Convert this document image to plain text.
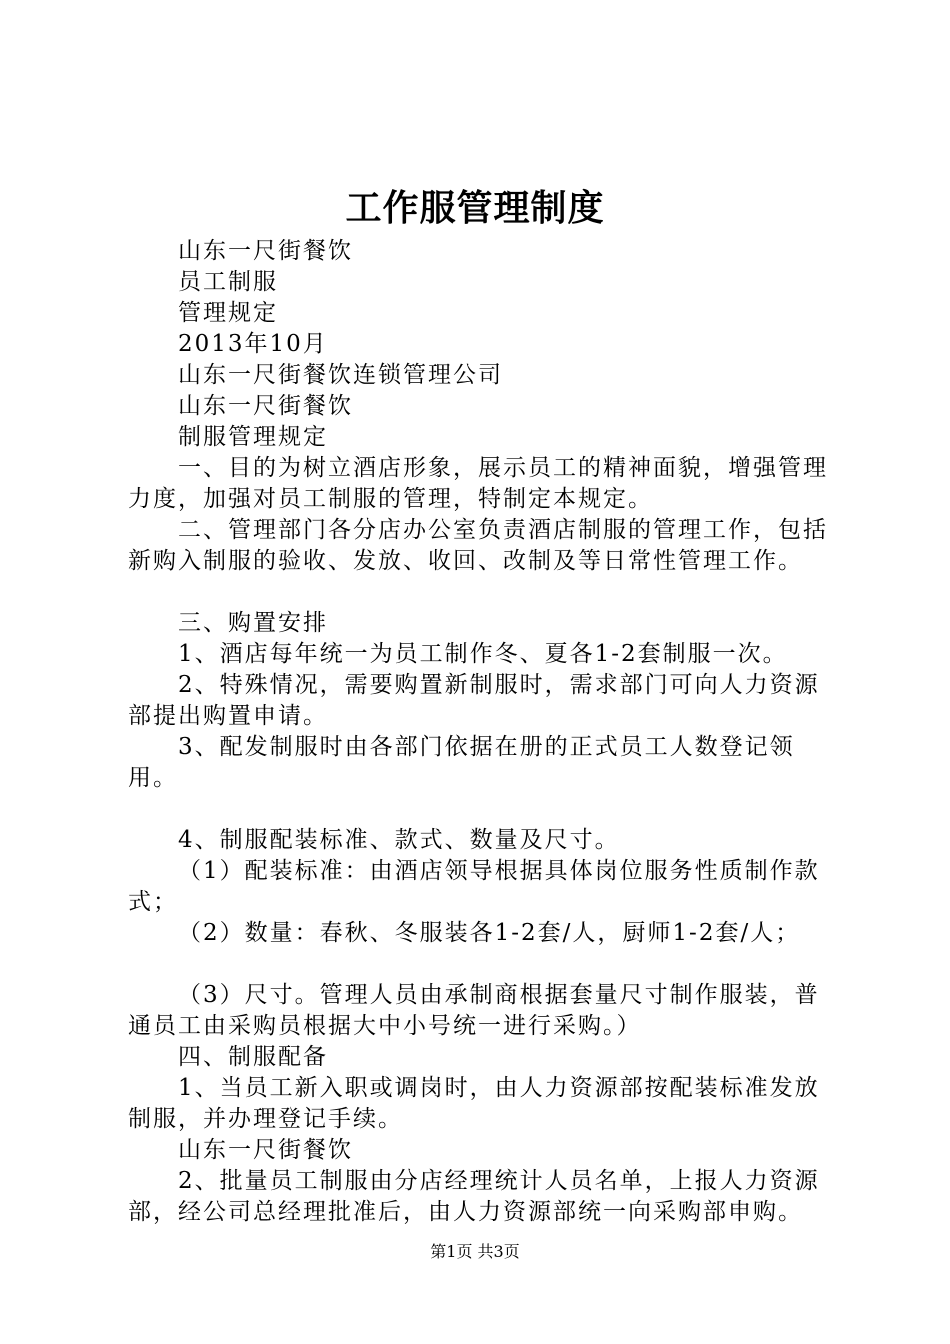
工作服管理制度

山东一尺街餐饮

员工制服

管理规定

2013年10月

山东一尺街餐饮连锁管理公司

山东一尺街餐饮

制服管理规定

一、目的为树立酒店形象，展示员工的精神面貌，增强管理力度，加强对员工制服的管理，特制定本规定。

二、管理部门各分店办公室负责酒店制服的管理工作，包括新购入制服的验收、发放、收回、改制及等日常性管理工作。

三、购置安排

1、酒店每年统一为员工制作冬、夏各1-2套制服一次。

2、特殊情况，需要购置新制服时，需求部门可向人力资源部提出购置申请。

3、配发制服时由各部门依据在册的正式员工人数登记领用。

4、制服配装标准、款式、数量及尺寸。

（1）配装标准：由酒店领导根据具体岗位服务性质制作款式；

（2）数量：春秋、冬服装各1-2套/人，厨师1-2套/人；

（3）尺寸。管理人员由承制商根据套量尺寸制作服装，普通员工由采购员根据大中小号统一进行采购。）

四、制服配备

1、当员工新入职或调岗时，由人力资源部按配装标准发放制服，并办理登记手续。

山东一尺街餐饮

2、批量员工制服由分店经理统计人员名单，上报人力资源部，经公司总经理批准后，由人力资源部统一向采购部申购。

第1页 共3页
